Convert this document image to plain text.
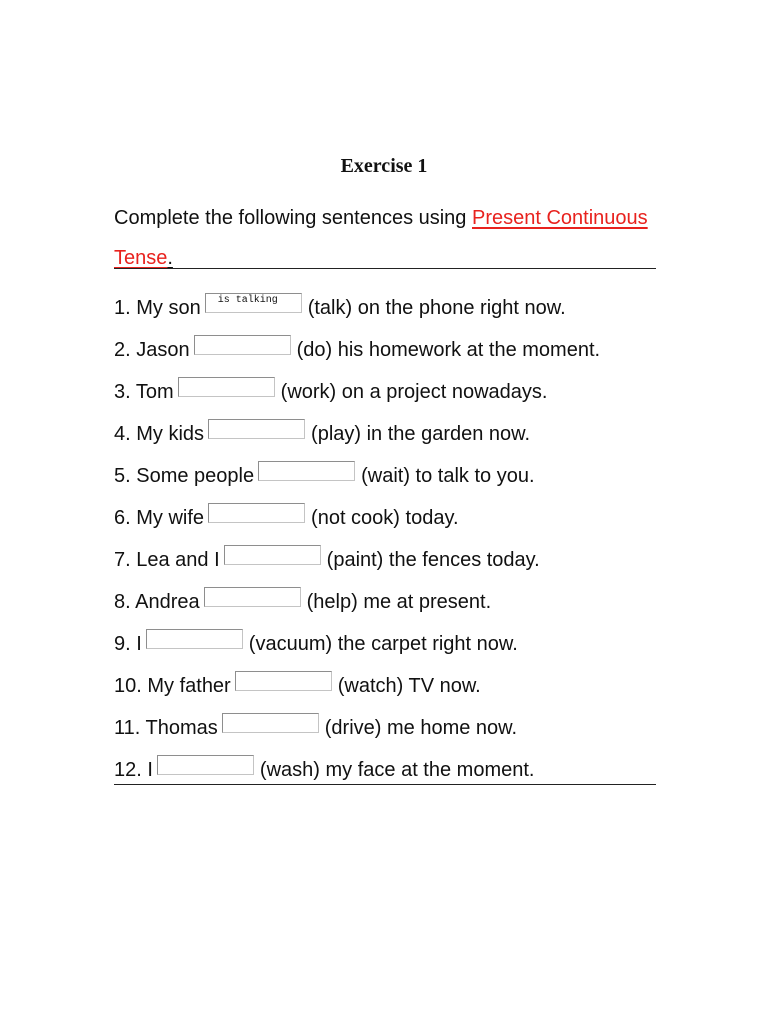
Exercise 1
Complete the following sentences using Present Continuous Tense.
1. My son is talking (talk) on the phone right now.
2. Jason	(do) his homework at the moment.
3. Tom	(work) on a project nowadays.
4. My kids	(play) in the garden now.
5. Some people	(wait) to talk to you.
6. My wife	(not cook) today.
7. Lea and I	(paint) the fences today.
8. Andrea	(help) me at present.
9. I	(vacuum) the carpet right now.
10. My father	(watch) TV now.
11. Thomas	(drive) me home now.
12. I	(wash) my face at the moment.
